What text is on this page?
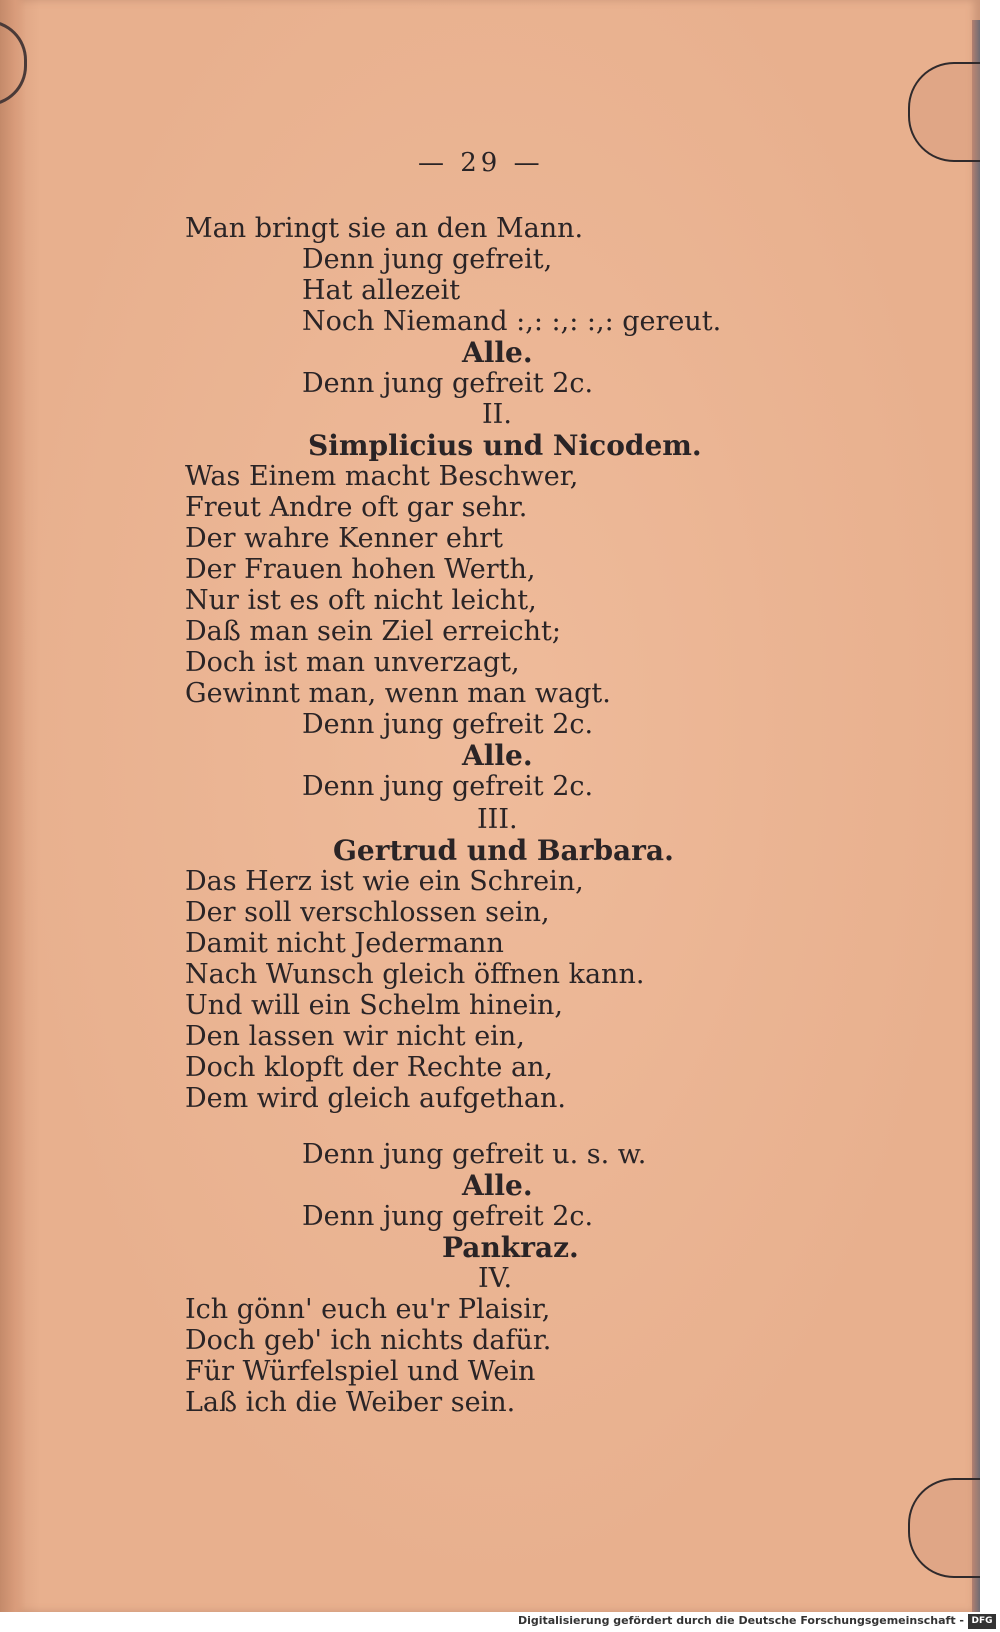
— 29 —
Man bringt sie an den Mann.
Denn jung gefreit,
Hat allezeit
Noch Niemand :,: :,: :,: gereut.
Alle.
Denn jung gefreit 2c.
II.
Simplicius und Nicodem.
Was Einem macht Beschwer,
Freut Andre oft gar sehr.
Der wahre Kenner ehrt
Der Frauen hohen Werth,
Nur ist es oft nicht leicht,
Daß man sein Ziel erreicht;
Doch ist man unverzagt,
Gewinnt man, wenn man wagt.
Denn jung gefreit 2c.
Alle.
Denn jung gefreit 2c.
III.
Gertrud und Barbara.
Das Herz ist wie ein Schrein,
Der soll verschlossen sein,
Damit nicht Jedermann
Nach Wunsch gleich öffnen kann.
Und will ein Schelm hinein,
Den lassen wir nicht ein,
Doch klopft der Rechte an,
Dem wird gleich aufgethan.
Denn jung gefreit u. s. w.
Alle.
Denn jung gefreit 2c.
Pankraz.
IV.
Ich gönn' euch eu'r Plaisir,
Doch geb' ich nichts dafür.
Für Würfelspiel und Wein
Laß ich die Weiber sein.
Digitalisierung gefördert durch die Deutsche Forschungsgemeinschaft - DFG
